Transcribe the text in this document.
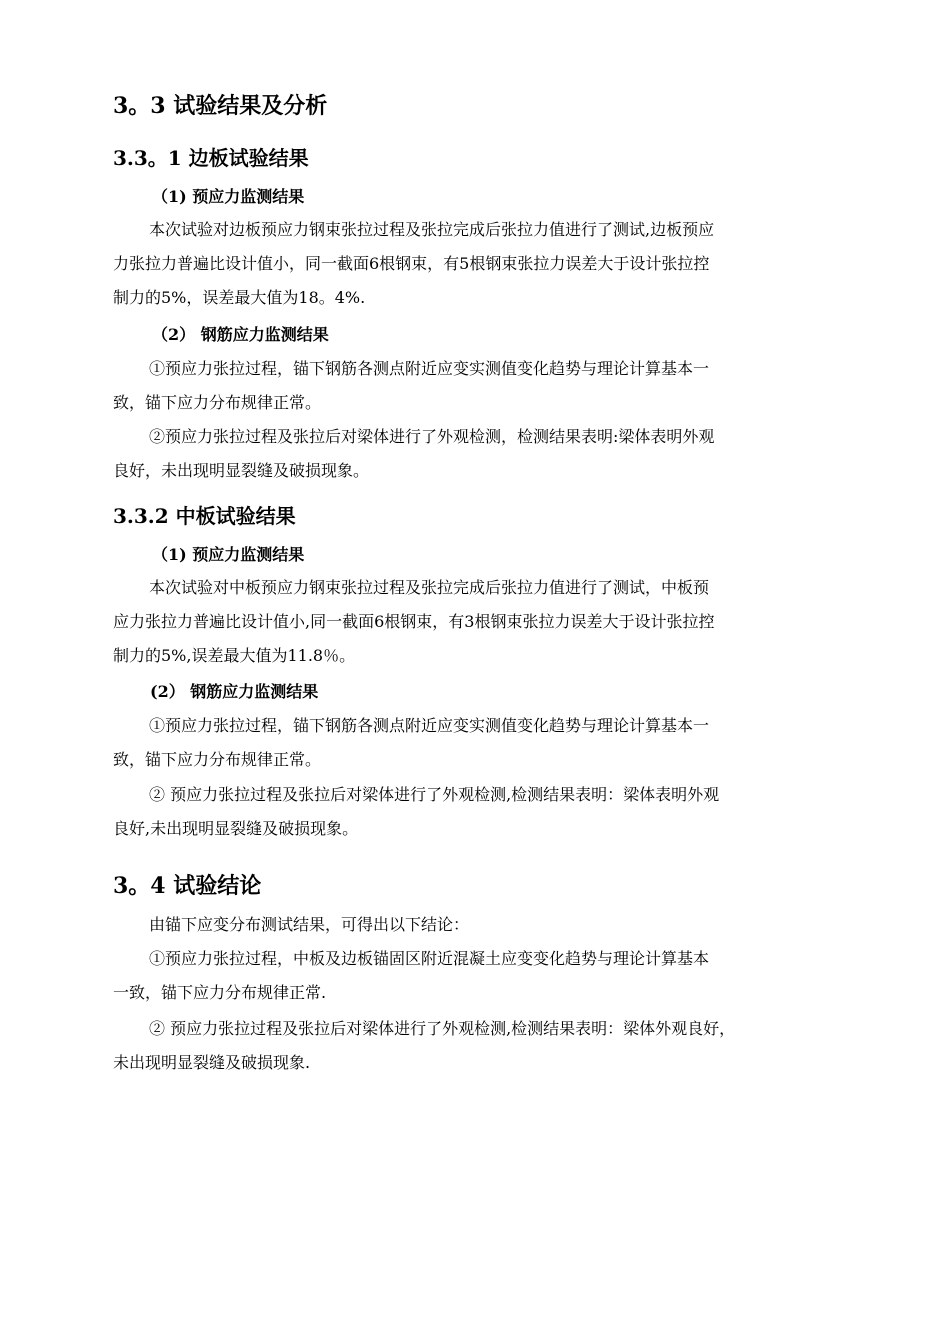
3。3 试验结果及分析
3.3。1 边板试验结果
（1) 预应力监测结果
本次试验对边板预应力钢束张拉过程及张拉完成后张拉力值进行了测试,边板预应
力张拉力普遍比设计值小，同一截面6根钢束，有5根钢束张拉力误差大于设计张拉控
制力的5%，误差最大值为18。4%.
（2） 钢筋应力监测结果
①预应力张拉过程，锚下钢筋各测点附近应变实测值变化趋势与理论计算基本一
致，锚下应力分布规律正常。
②预应力张拉过程及张拉后对梁体进行了外观检测，检测结果表明:梁体表明外观
良好，未出现明显裂缝及破损现象。
3.3.2 中板试验结果
（1) 预应力监测结果
本次试验对中板预应力钢束张拉过程及张拉完成后张拉力值进行了测试，中板预
应力张拉力普遍比设计值小,同一截面6根钢束，有3根钢束张拉力误差大于设计张拉控
制力的5%,误差最大值为11.8％。
(2） 钢筋应力监测结果
①预应力张拉过程，锚下钢筋各测点附近应变实测值变化趋势与理论计算基本一
致，锚下应力分布规律正常。
② 预应力张拉过程及张拉后对梁体进行了外观检测,检测结果表明：梁体表明外观
良好,未出现明显裂缝及破损现象。
3。4 试验结论
由锚下应变分布测试结果，可得出以下结论：
①预应力张拉过程，中板及边板锚固区附近混凝土应变变化趋势与理论计算基本
一致，锚下应力分布规律正常.
② 预应力张拉过程及张拉后对梁体进行了外观检测,检测结果表明：梁体外观良好，
未出现明显裂缝及破损现象.
